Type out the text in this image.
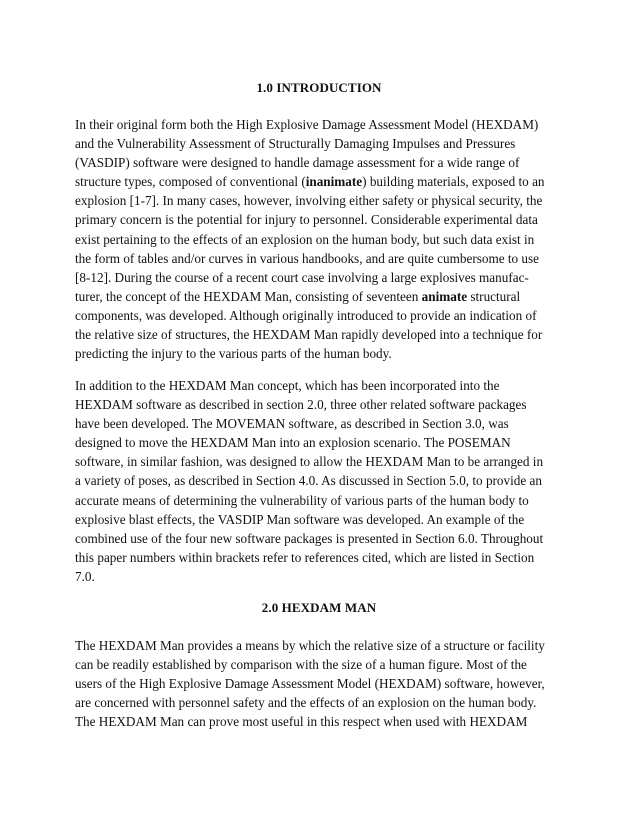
1.0 INTRODUCTION
In their original form both the High Explosive Damage Assessment Model (HEXDAM)
and the Vulnerability Assessment of Structurally Damaging Impulses and Pressures
(VASDIP) software were designed to handle damage assessment for a wide range of
structure types, composed of conventional (inanimate) building materials, exposed to an
explosion [1-7]. In many cases, however, involving either safety or physical security, the
primary concern is the potential for injury to personnel. Considerable experimental data
exist pertaining to the effects of an explosion on the human body, but such data exist in
the form of tables and/or curves in various handbooks, and are quite cumbersome to use
[8-12]. During the course of a recent court case involving a large explosives manufac-
turer, the concept of the HEXDAM Man, consisting of seventeen animate structural
components, was developed. Although originally introduced to provide an indication of
the relative size of structures, the HEXDAM Man rapidly developed into a technique for
predicting the injury to the various parts of the human body.
In addition to the HEXDAM Man concept, which has been incorporated into the
HEXDAM software as described in section 2.0, three other related software packages
have been developed. The MOVEMAN software, as described in Section 3.0, was
designed to move the HEXDAM Man into an explosion scenario. The POSEMAN
software, in similar fashion, was designed to allow the HEXDAM Man to be arranged in
a variety of poses, as described in Section 4.0. As discussed in Section 5.0, to provide an
accurate means of determining the vulnerability of various parts of the human body to
explosive blast effects, the VASDIP Man software was developed. An example of the
combined use of the four new software packages is presented in Section 6.0. Throughout
this paper numbers within brackets refer to references cited, which are listed in Section
7.0.
2.0 HEXDAM MAN
The HEXDAM Man provides a means by which the relative size of a structure or facility
can be readily established by comparison with the size of a human figure. Most of the
users of the High Explosive Damage Assessment Model (HEXDAM) software, however,
are concerned with personnel safety and the effects of an explosion on the human body.
The HEXDAM Man can prove most useful in this respect when used with HEXDAM
